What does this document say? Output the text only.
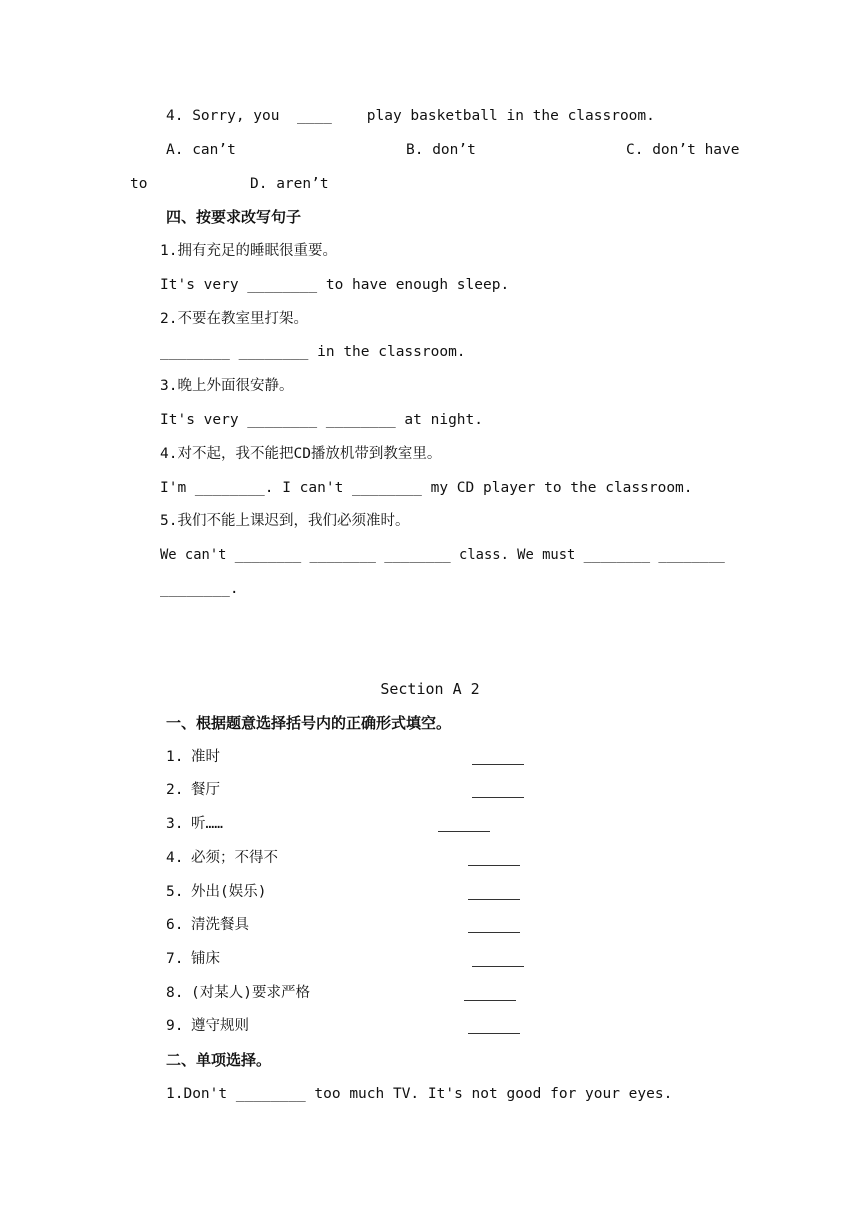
4. Sorry, you  ____    play basketball in the classroom.
A. can’t	B. don’t	C. don’t have
to	D. aren’t
四、按要求改写句子
1.拥有充足的睡眠很重要。
It's very ________ to have enough sleep.
2.不要在教室里打架。
________ ________ in the classroom.
3.晚上外面很安静。
It's very ________ ________ at night.
4.对不起，我不能把CD播放机带到教室里。
I'm ________. I can't ________ my CD player to the classroom.
5.我们不能上课迟到，我们必须准时。
We can't ________ ________ ________ class. We must ________ ________
________.
Section A 2
一、根据题意选择括号内的正确形式填空。
1. 准时
2. 餐厅
3. 听……
4. 必须；不得不
5. 外出(娱乐)
6. 清洗餐具
7. 铺床
8. (对某人)要求严格
9. 遵守规则
二、单项选择。
1.Don't ________ too much TV. It's not good for your eyes.
